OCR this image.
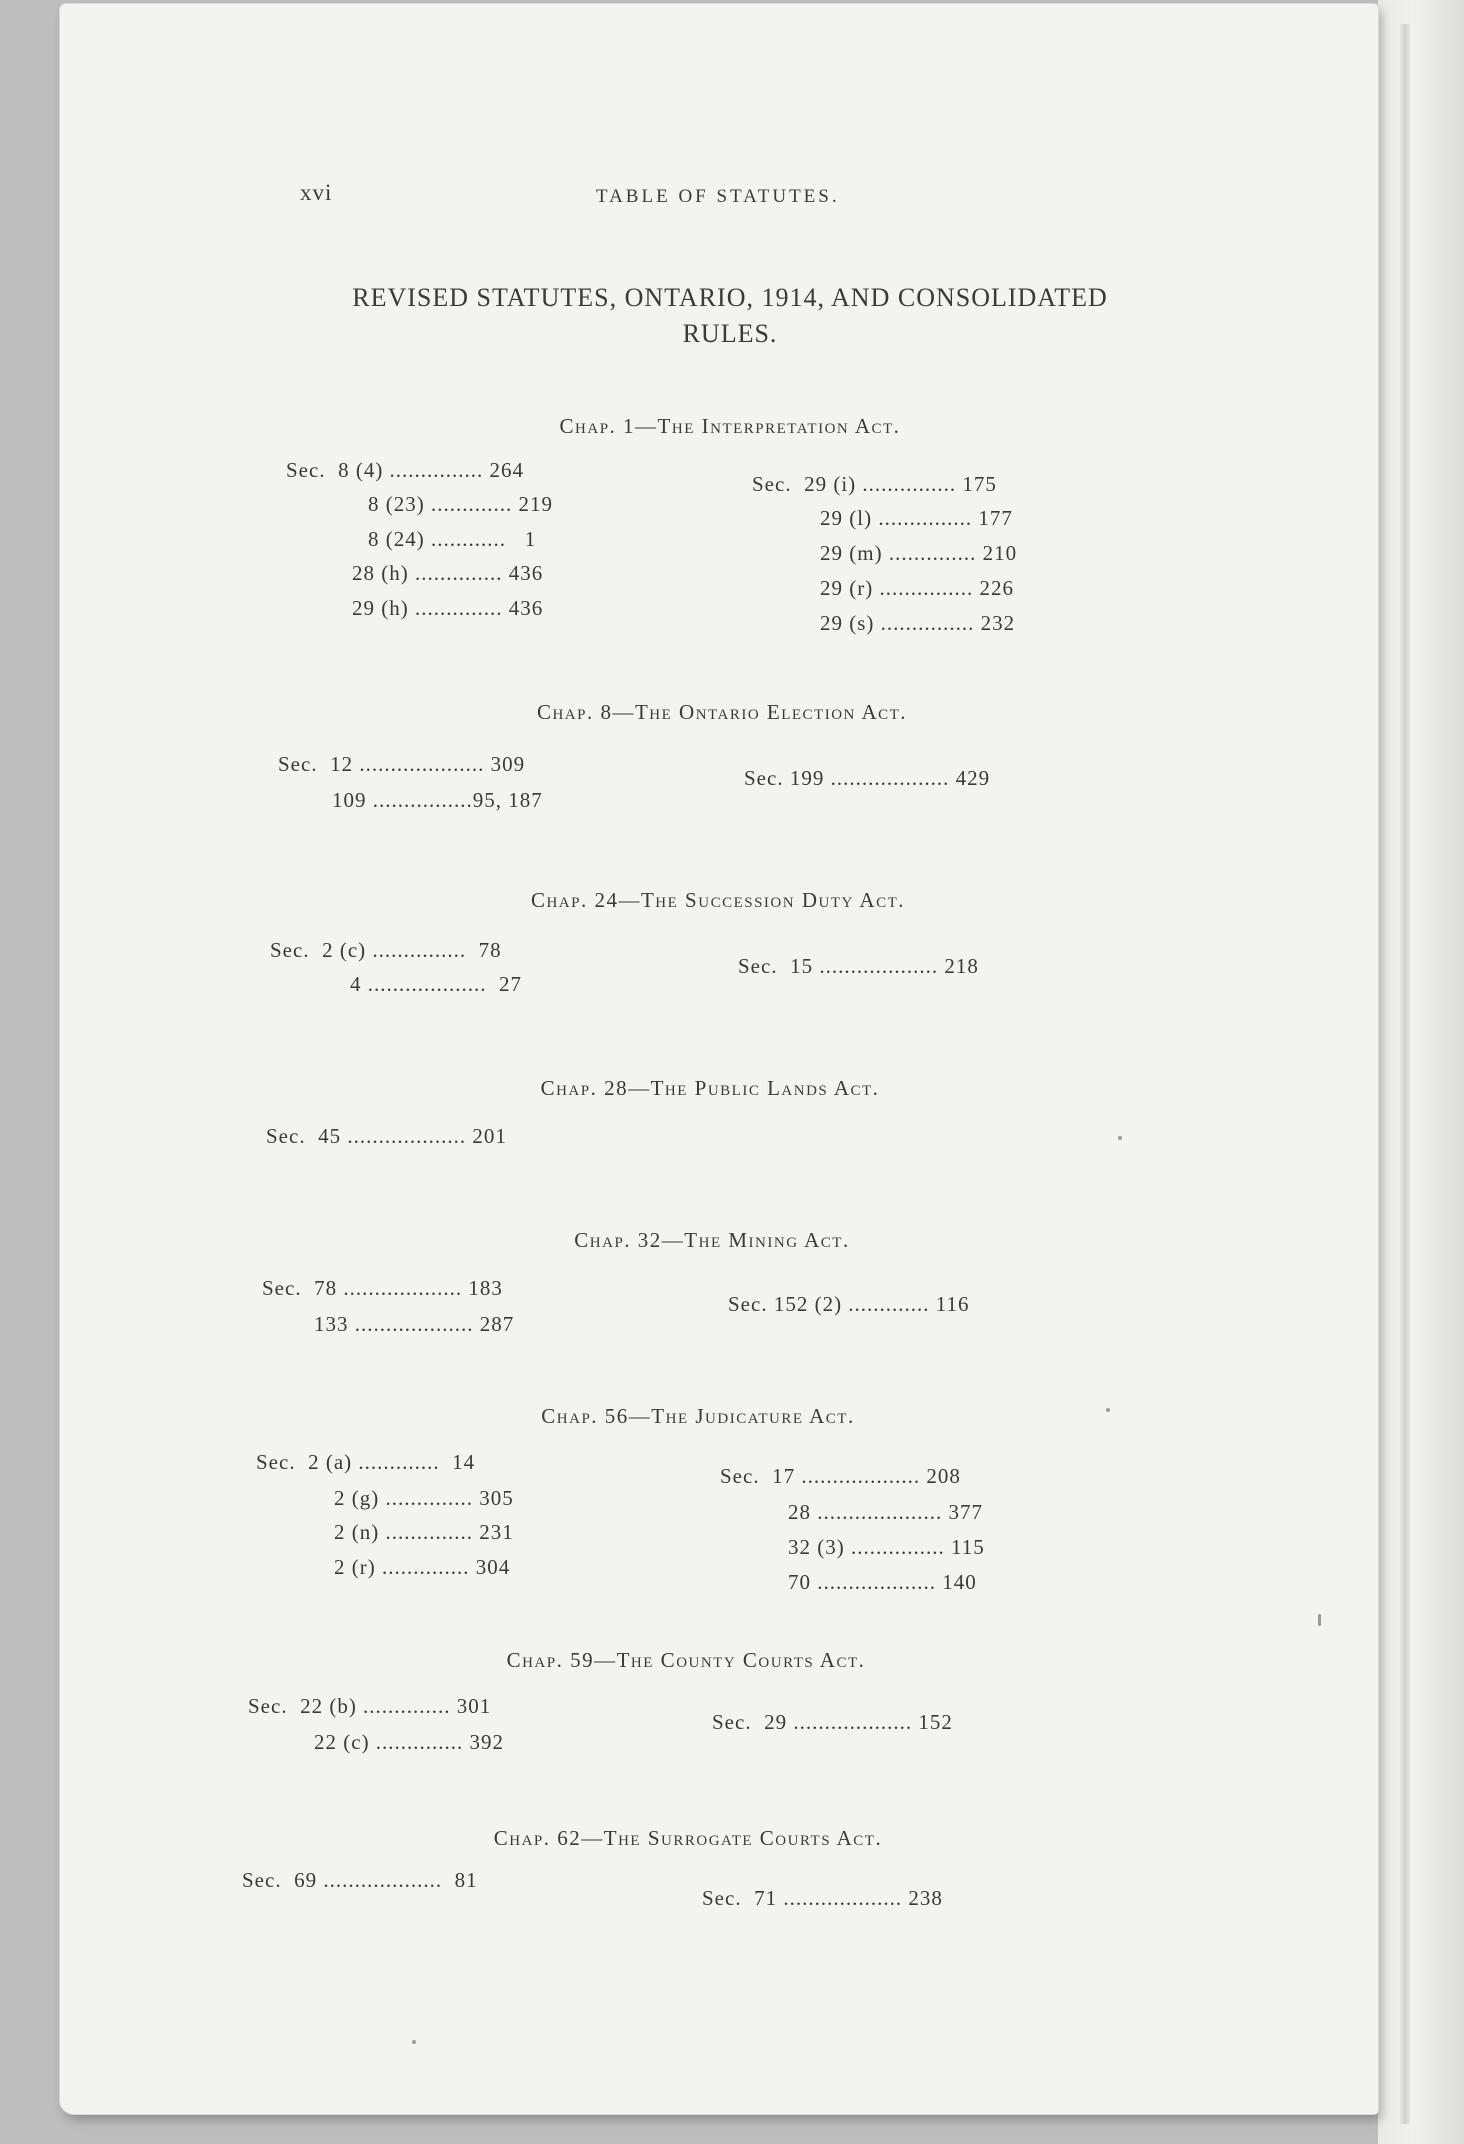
xvi	TABLE OF STATUTES.
REVISED STATUTES, ONTARIO, 1914, AND CONSOLIDATED
RULES.
Chap. 1—The Interpretation Act.
Sec.  8 (4) ............... 264
8 (23) ............. 219
8 (24) ............   1
28 (h) .............. 436
29 (h) .............. 436
Sec.  29 (i) ............... 175
29 (l) ............... 177
29 (m) .............. 210
29 (r) ............... 226
29 (s) ............... 232
Chap. 8—The Ontario Election Act.
Sec.  12 .................... 309
109 ................95, 187
Sec. 199 ................... 429
Chap. 24—The Succession Duty Act.
Sec.  2 (c) ...............  78
4 ...................  27
Sec.  15 ................... 218
Chap. 28—The Public Lands Act.
Sec.  45 ................... 201
Chap. 32—The Mining Act.
Sec.  78 ................... 183
133 ................... 287
Sec. 152 (2) ............. 116
Chap. 56—The Judicature Act.
Sec.  2 (a) .............  14
2 (g) .............. 305
2 (n) .............. 231
2 (r) .............. 304
Sec.  17 ................... 208
28 .................... 377
32 (3) ............... 115
70 ................... 140
Chap. 59—The County Courts Act.
Sec.  22 (b) .............. 301
22 (c) .............. 392
Sec.  29 ................... 152
Chap. 62—The Surrogate Courts Act.
Sec.  69 ...................  81
Sec.  71 ................... 238
